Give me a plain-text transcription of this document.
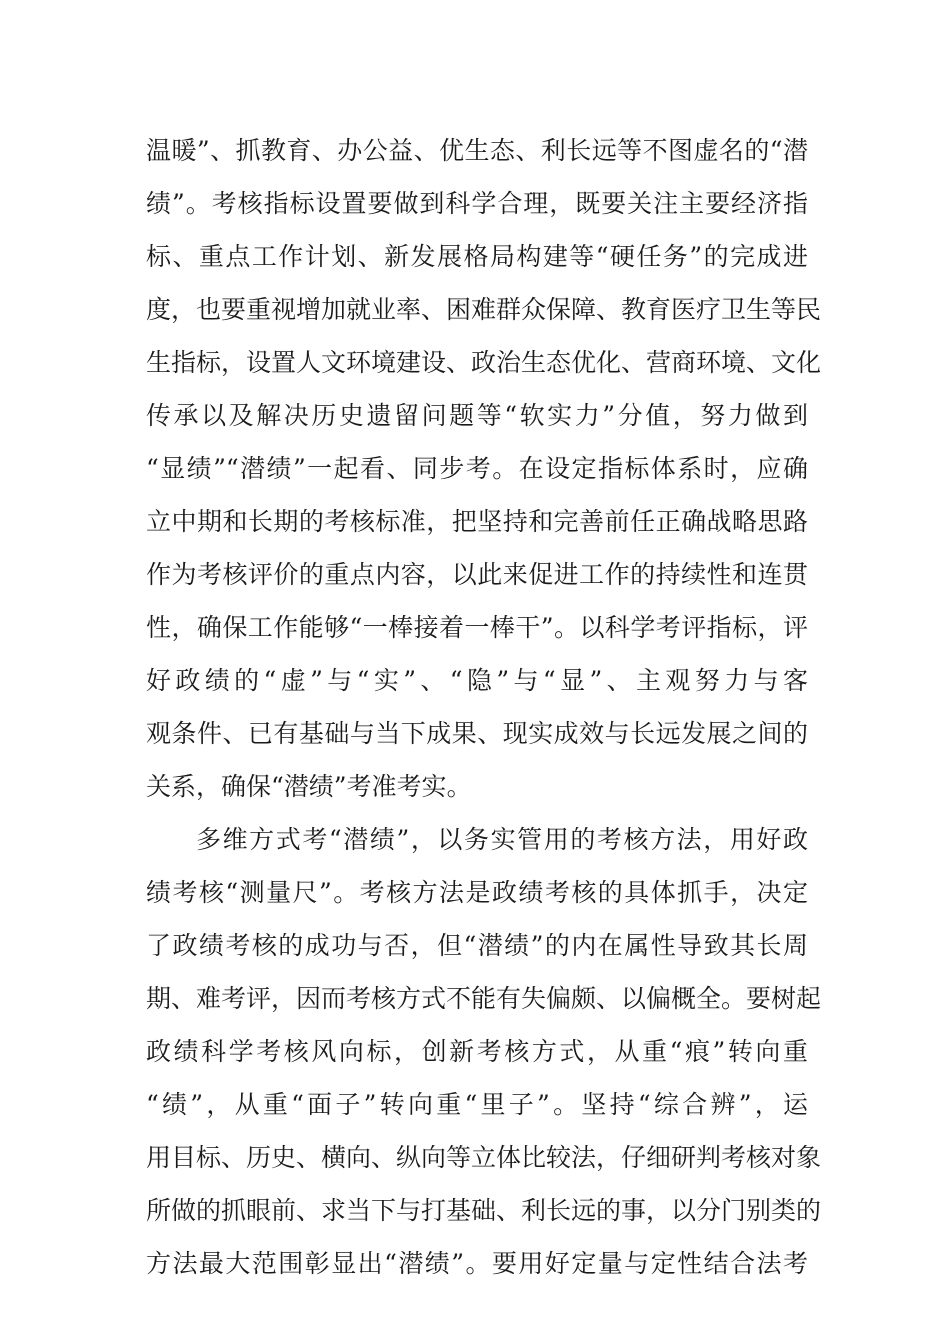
温暖”、抓教育、办公益、优生态、利长远等不图虚名的“潜
绩”。考核指标设置要做到科学合理，既要关注主要经济指
标、重点工作计划、新发展格局构建等“硬任务”的完成进
度，也要重视增加就业率、困难群众保障、教育医疗卫生等民
生指标，设置人文环境建设、政治生态优化、营商环境、文化
传承以及解决历史遗留问题等“软实力”分值，努力做到
“显绩”“潜绩”一起看、同步考。在设定指标体系时，应确
立中期和长期的考核标准，把坚持和完善前任正确战略思路
作为考核评价的重点内容，以此来促进工作的持续性和连贯
性，确保工作能够“一棒接着一棒干”。以科学考评指标，评
好政绩的“虚”与“实”、“隐”与“显”、主观努力与客
观条件、已有基础与当下成果、现实成效与长远发展之间的
关系，确保“潜绩”考准考实。
多维方式考“潜绩”，以务实管用的考核方法，用好政
绩考核“测量尺”。考核方法是政绩考核的具体抓手，决定
了政绩考核的成功与否，但“潜绩”的内在属性导致其长周
期、难考评，因而考核方式不能有失偏颇、以偏概全。要树起
政绩科学考核风向标，创新考核方式，从重“痕”转向重
“绩”，从重“面子”转向重“里子”。坚持“综合辨”，运
用目标、历史、横向、纵向等立体比较法，仔细研判考核对象
所做的抓眼前、求当下与打基础、利长远的事，以分门别类的
方法最大范围彰显出“潜绩”。要用好定量与定性结合法考
